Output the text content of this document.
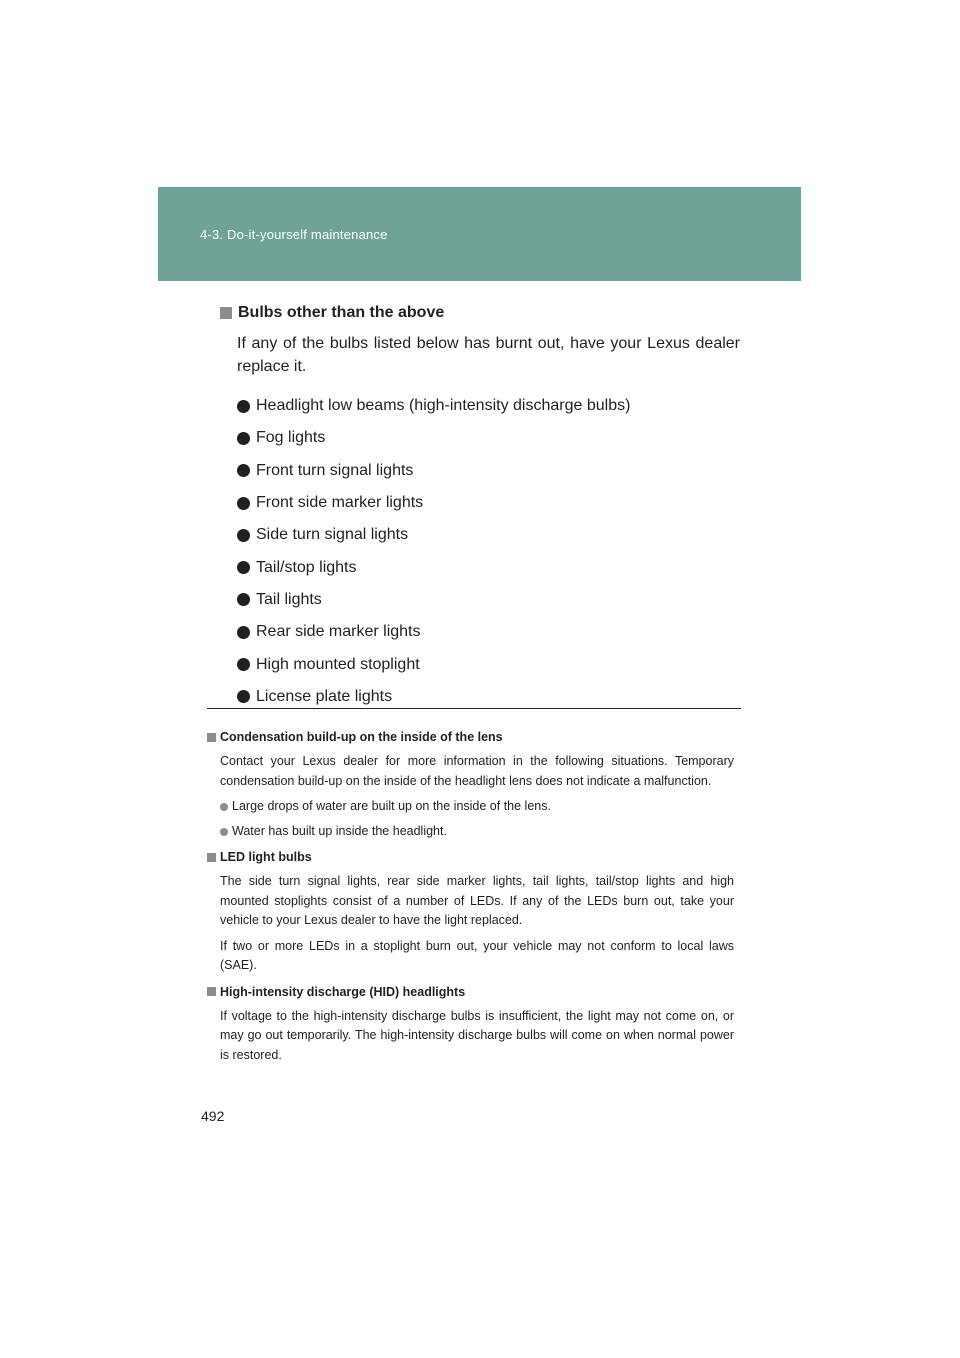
4-3. Do-it-yourself maintenance
Bulbs other than the above

If any of the bulbs listed below has burnt out, have your Lexus dealer replace it.

Headlight low beams (high-intensity discharge bulbs)
Fog lights
Front turn signal lights
Front side marker lights
Side turn signal lights
Tail/stop lights
Tail lights
Rear side marker lights
High mounted stoplight
License plate lights
Condensation build-up on the inside of the lens

Contact your Lexus dealer for more information in the following situations. Temporary condensation build-up on the inside of the headlight lens does not indicate a malfunction.

Large drops of water are built up on the inside of the lens.
Water has built up inside the headlight.
LED light bulbs

The side turn signal lights, rear side marker lights, tail lights, tail/stop lights and high mounted stoplights consist of a number of LEDs. If any of the LEDs burn out, take your vehicle to your Lexus dealer to have the light replaced.

If two or more LEDs in a stoplight burn out, your vehicle may not conform to local laws (SAE).

High-intensity discharge (HID) headlights

If voltage to the high-intensity discharge bulbs is insufficient, the light may not come on, or may go out temporarily. The high-intensity discharge bulbs will come on when normal power is restored.

492
